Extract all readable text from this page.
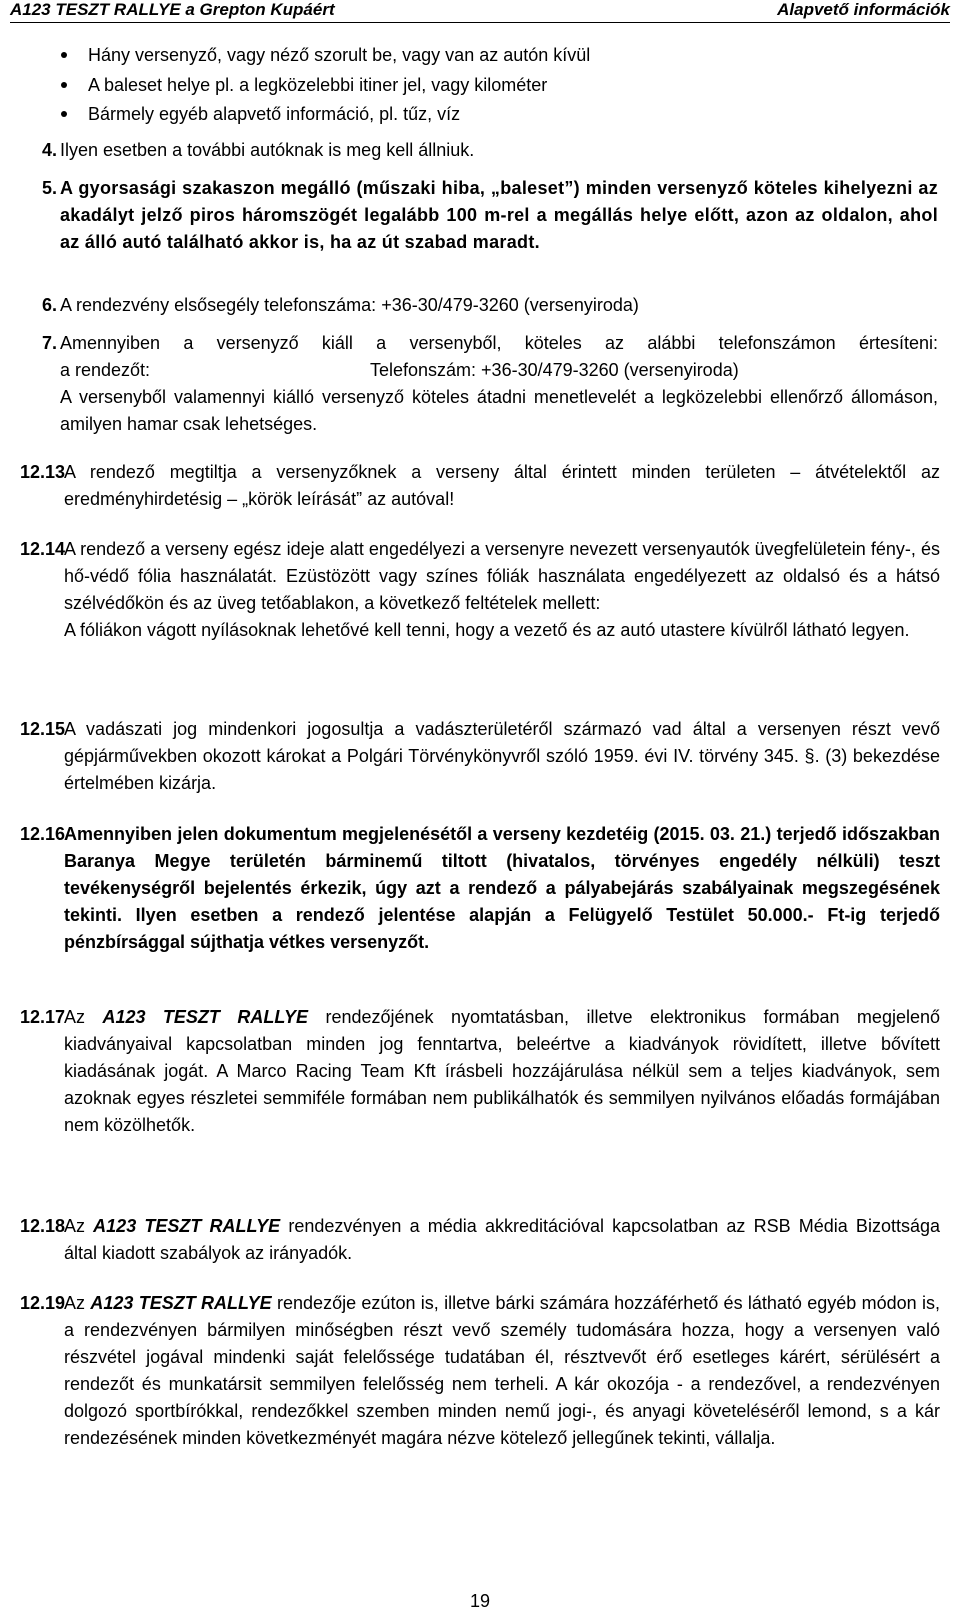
A123 TESZT RALLYE a Grepton Kupáért	Alapvető információk
Hány versenyző, vagy néző szorult be, vagy van az autón kívül
A baleset helye pl. a legközelebbi itiner jel, vagy kilométer
Bármely egyéb alapvető információ, pl. tűz, víz
4. Ilyen esetben a további autóknak is meg kell állniuk.
5. A gyorsasági szakaszon megálló (műszaki hiba, „baleset”) minden versenyző köteles kihelyezni az akadályt jelző piros háromszögét legalább 100 m-rel a megállás helye előtt, azon az oldalon, ahol az álló autó található akkor is, ha az út szabad maradt.
6. A rendezvény elsősegély telefonszáma: +36-30/479-3260 (versenyiroda)
7. Amennyiben a versenyző kiáll a versenyből, köteles az alábbi telefonszámon értesíteni:
a rendezőt:	Telefonszám: +36-30/479-3260 (versenyiroda)
A versenyből valamennyi kiálló versenyző köteles átadni menetlevelét a legközelebbi ellenőrző állomáson, amilyen hamar csak lehetséges.
12.13
A rendező megtiltja a versenyzőknek a verseny által érintett minden területen – átvételektől az eredményhirdetésig – „körök leírását” az autóval!
12.14
A rendező a verseny egész ideje alatt engedélyezi a versenyre nevezett versenyautók üvegfelületein fény-, és hő-védő fólia használatát. Ezüstözött vagy színes fóliák használata engedélyezett az oldalsó és a hátsó szélvédőkön és az üveg tetőablakon, a következő feltételek mellett:
A fóliákon vágott nyílásoknak lehetővé kell tenni, hogy a vezető és az autó utastere kívülről látható legyen.
12.15
A vadászati jog mindenkori jogosultja a vadászterületéről származó vad által a versenyen részt vevő gépjárművekben okozott károkat a Polgári Törvénykönyvről szóló 1959. évi IV. törvény 345. §. (3) bekezdése értelmében kizárja.
12.16
Amennyiben jelen dokumentum megjelenésétől a verseny kezdetéig (2015. 03. 21.) terjedő időszakban Baranya Megye területén bárminemű tiltott (hivatalos, törvényes engedély nélküli) teszt tevékenységről bejelentés érkezik, úgy azt a rendező a pályabejárás szabályainak megszegésének tekinti. Ilyen esetben a rendező jelentése alapján a Felügyelő Testület 50.000.- Ft-ig terjedő pénzbírsággal sújthatja vétkes versenyzőt.
12.17
Az A123 TESZT RALLYE rendezőjének nyomtatásban, illetve elektronikus formában megjelenő kiadványaival kapcsolatban minden jog fenntartva, beleértve a kiadványok rövidített, illetve bővített kiadásának jogát. A Marco Racing Team Kft írásbeli hozzájárulása nélkül sem a teljes kiadványok, sem azoknak egyes részletei semmiféle formában nem publikálhatók és semmilyen nyilvános előadás formájában nem közölhetők.
12.18
Az A123 TESZT RALLYE rendezvényen a média akkreditációval kapcsolatban az RSB Média Bizottsága által kiadott szabályok az irányadók.
12.19
Az A123 TESZT RALLYE rendezője ezúton is, illetve bárki számára hozzáférhető és látható egyéb módon is, a rendezvényen bármilyen minőségben részt vevő személy tudomására hozza, hogy a versenyen való részvétel jogával mindenki saját felelőssége tudatában él, résztvevőt érő esetleges kárért, sérülésért a rendezőt és munkatársit semmilyen felelősség nem terheli. A kár okozója - a rendezővel, a rendezvényen dolgozó sportbírókkal, rendezőkkel szemben minden nemű jogi-, és anyagi követeléséről lemond, s a kár rendezésének minden következményét magára nézve kötelező jellegűnek tekinti, vállalja.
19
